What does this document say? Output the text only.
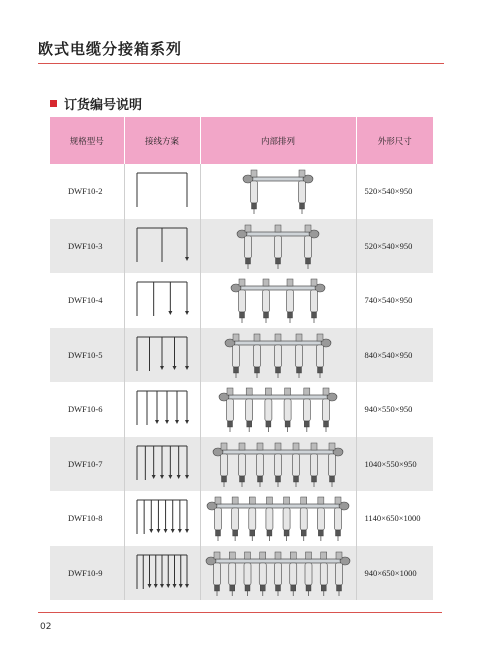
欧式电缆分接箱系列
订货编号说明
规格型号	接线方案	内部排列	外形尺寸
DWF10-2			520×540×950
DWF10-3			520×540×950
DWF10-4			740×540×950
DWF10-5			840×540×950
DWF10-6			940×550×950
DWF10-7			1040×550×950
DWF10-8			1140×650×1000
DWF10-9			940×650×1000
02
